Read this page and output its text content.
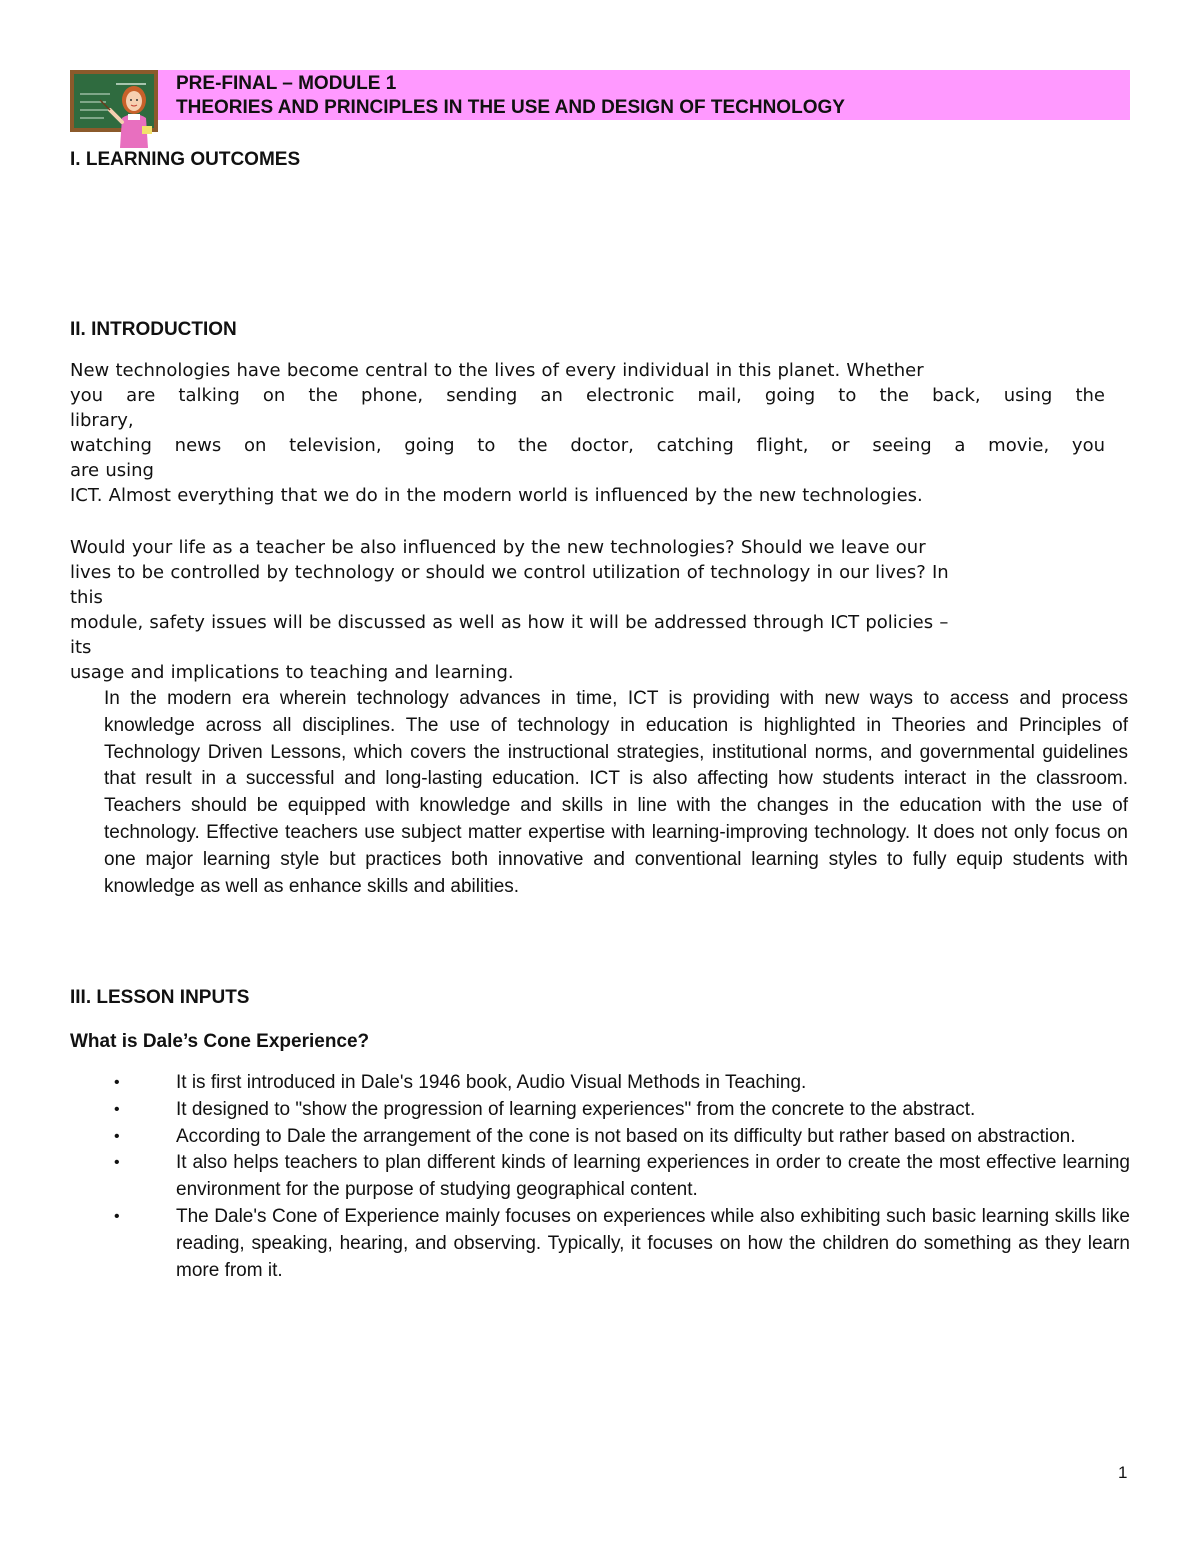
PRE-FINAL – MODULE 1
THEORIES AND PRINCIPLES IN THE USE AND DESIGN OF TECHNOLOGY
I. LEARNING OUTCOMES
II. INTRODUCTION
New technologies have become central to the lives of every individual in this planet. Whether
you are talking on the phone, sending an electronic mail, going to the back, using the
library,
watching news on television, going to the doctor, catching flight, or seeing a movie, you
are using
ICT. Almost everything that we do in the modern world is influenced by the new technologies.
Would your life as a teacher be also influenced by the new technologies? Should we leave our
lives to be controlled by technology or should we control utilization of technology in our lives? In
this
module, safety issues will be discussed as well as how it will be addressed through ICT policies –
its
usage and implications to teaching and learning.

In the modern era wherein technology advances in time, ICT is providing with new ways to access and process knowledge across all disciplines. The use of technology in education is highlighted in Theories and Principles of Technology Driven Lessons, which covers the instructional strategies, institutional norms, and governmental guidelines that result in a successful and long-lasting education. ICT is also affecting how students interact in the classroom. Teachers should be equipped with knowledge and skills in line with the changes in the education with the use of technology. Effective teachers use subject matter expertise with learning-improving technology. It does not only focus on one major learning style but practices both innovative and conventional learning styles to fully equip students with knowledge as well as enhance skills and abilities.

III. LESSON INPUTS
What is Dale’s Cone Experience?
•	It is first introduced in Dale's 1946 book, Audio Visual Methods in Teaching.
•	It designed to "show the progression of learning experiences" from the concrete to the abstract.
•	According to Dale the arrangement of the cone is not based on its difficulty but rather based on abstraction.
•	It also helps teachers to plan different kinds of learning experiences in order to create the most effective learning environment for the purpose of studying geographical content.
•	The Dale's Cone of Experience mainly focuses on experiences while also exhibiting such basic learning skills like reading, speaking, hearing, and observing. Typically, it focuses on how the children do something as they learn more from it.
1
